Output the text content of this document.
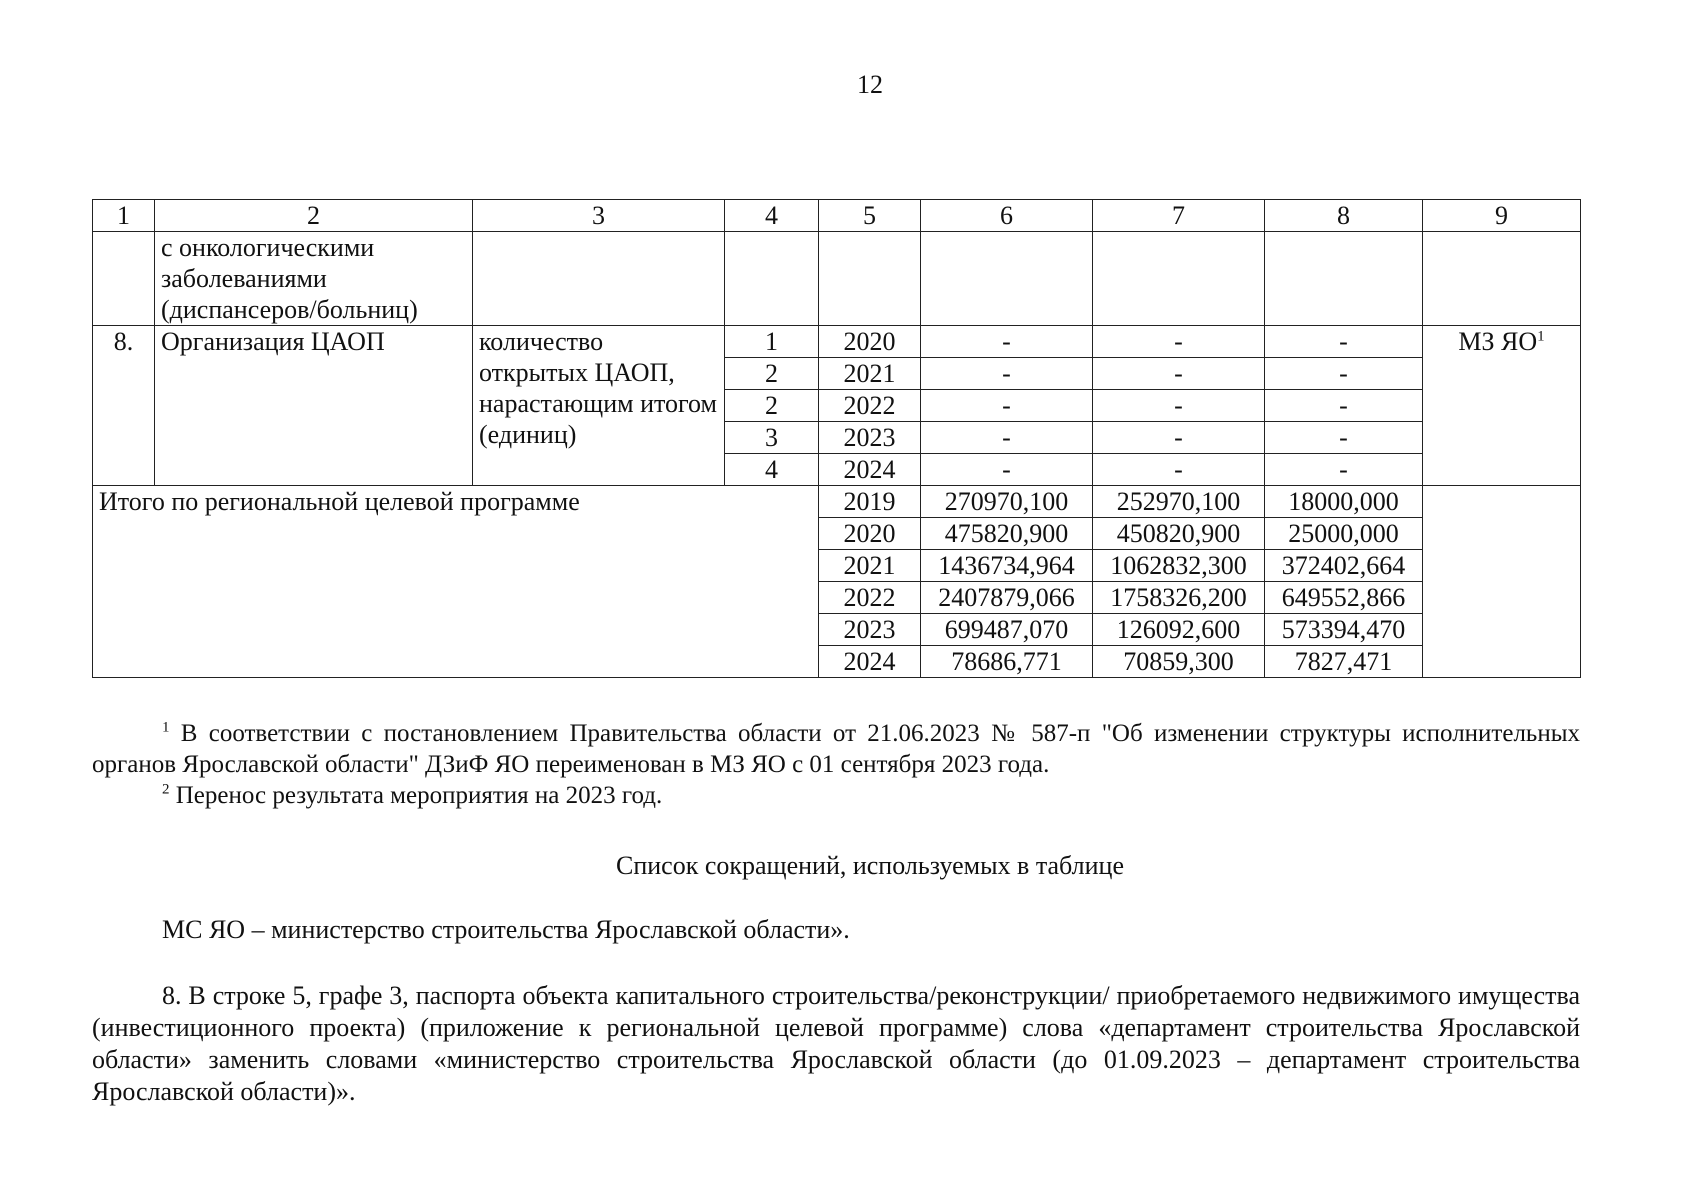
12
1	2	3	4	5	6	7	8	9
	с онкологическими заболеваниями (диспансеров/больниц)							
8.	Организация ЦАОП	количество открытых ЦАОП, нарастающим итогом (единиц)	1	2020	-	-	-	МЗ $ЯО^1$
			2	2021	-	-	-	
			2	2022	-	-	-	
			3	2023	-	-	-	
			4	2024	-	-	-	
Итого по региональной целевой программе				2019	270970,100	252970,100	18000,000	
				2020	475820,900	450820,900	25000,000	
				2021	1436734,964	1062832,300	372402,664	
				2022	2407879,066	1758326,200	649552,866	
				2023	699487,070	126092,600	573394,470	
				2024	78686,771	70859,300	7827,471	

$^1$ В соответствии с постановлением Правительства области от 21.06.2023 № 587-п "Об изменении структуры исполнительных органов Ярославской области" ДЗиФ ЯО переименован в МЗ ЯО с 01 сентября 2023 года.

$^2$ Перенос результата мероприятия на 2023 год.

Список сокращений, используемых в таблице
МС ЯО – министерство строительства Ярославской области».
8. В строке 5, графе 3, паспорта объекта капитального строительства/реконструкции/ приобретаемого недвижимого имущества (инвестиционного проекта) (приложение к региональной целевой программе) слова «департамент строительства Ярославской области» заменить словами «министерство строительства Ярославской области (до 01.09.2023 – департамент строительства Ярославской области)».
